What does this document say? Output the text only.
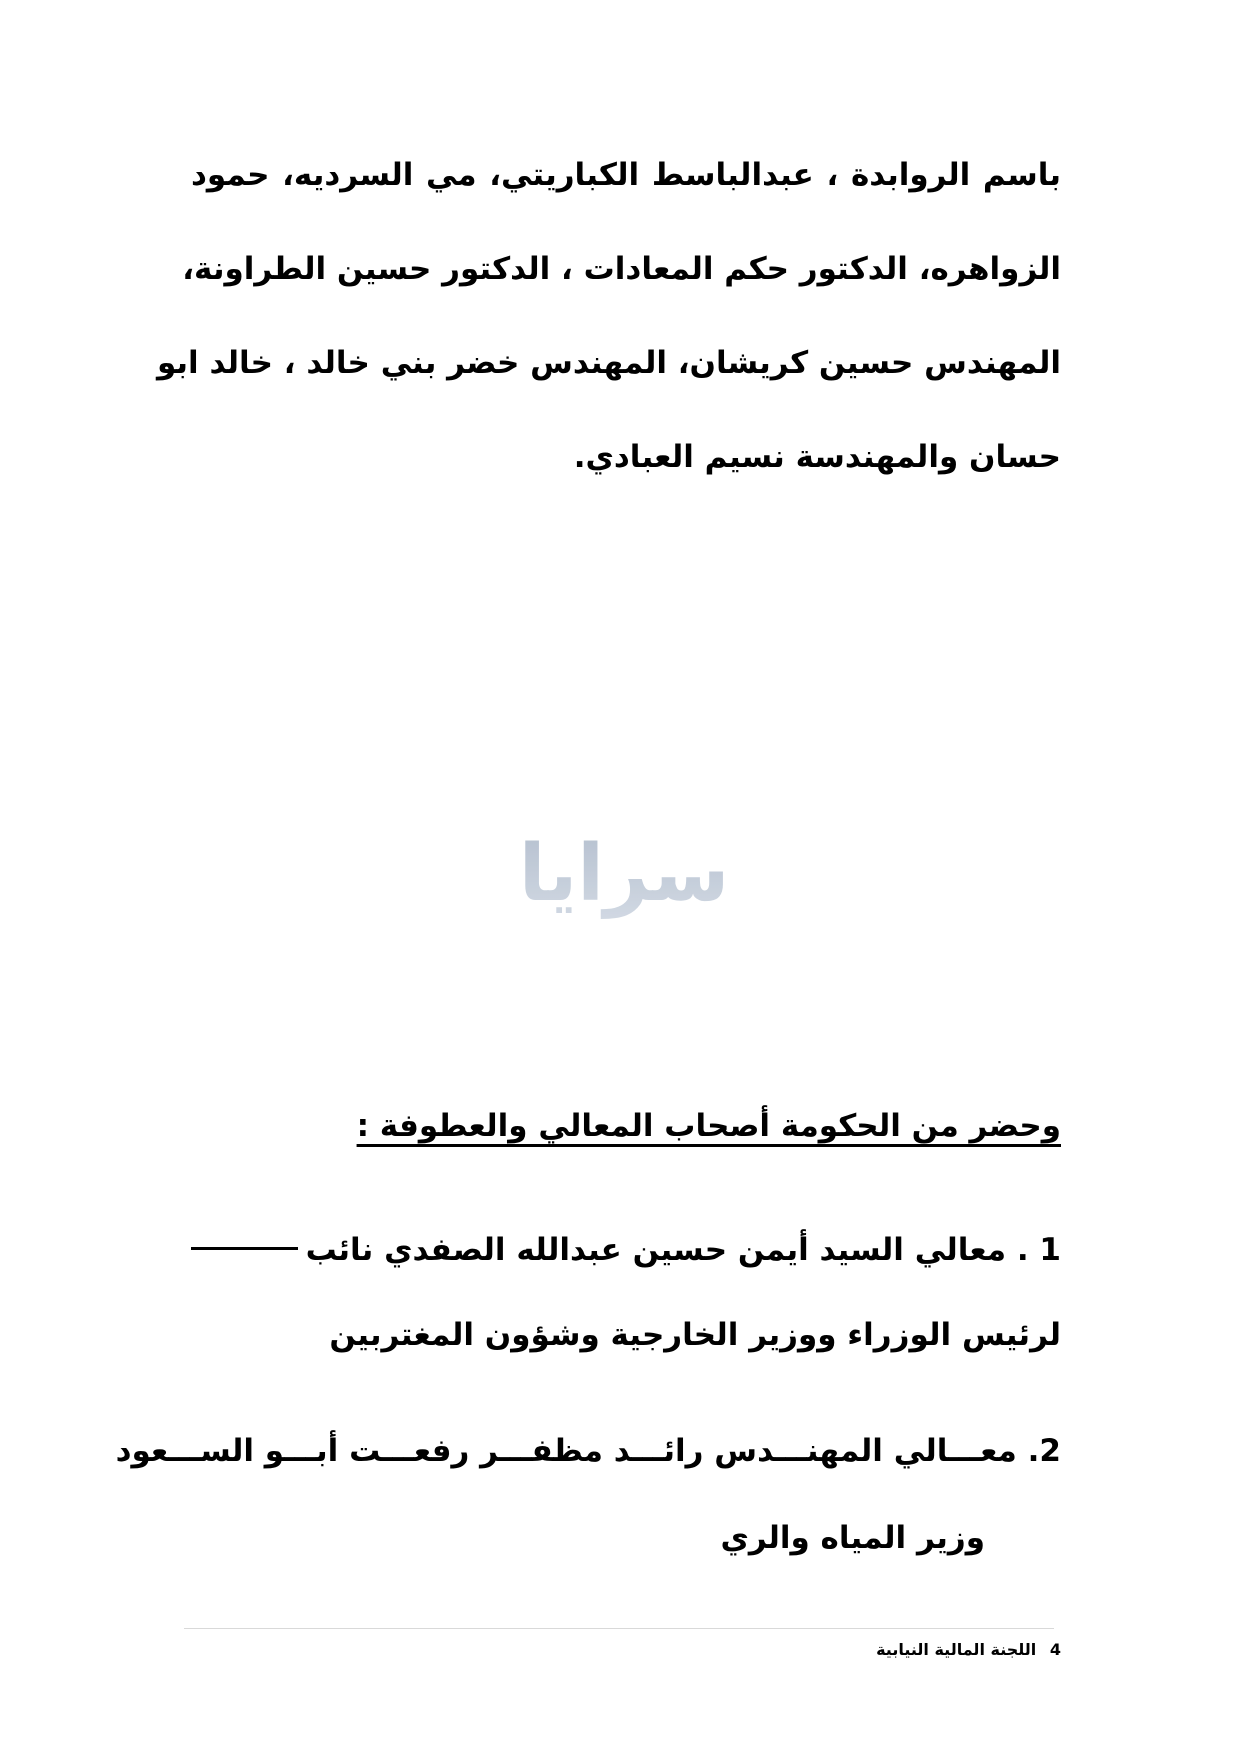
باسم الروابدة ، عبدالباسط الكباريتي، مي السرديه، حمود
الزواهره، الدكتور حكم المعادات ، الدكتور حسين الطراونة،
المهندس حسين كريشان، المهندس خضر بني خالد ، خالد ابو
حسان والمهندسة نسيم العبادي.
سرايا
وحضر من الحكومة أصحاب المعالي والعطوفة :
1 . معالي السيد أيمن حسين عبدالله الصفدي نائب
لرئيس الوزراء ووزير الخارجية وشؤون المغتربين
2. معـــالي المهنـــدس رائـــد مظفـــر رفعـــت أبـــو الســـعود
وزير المياه والري
4 اللجنة المالية النيابية
